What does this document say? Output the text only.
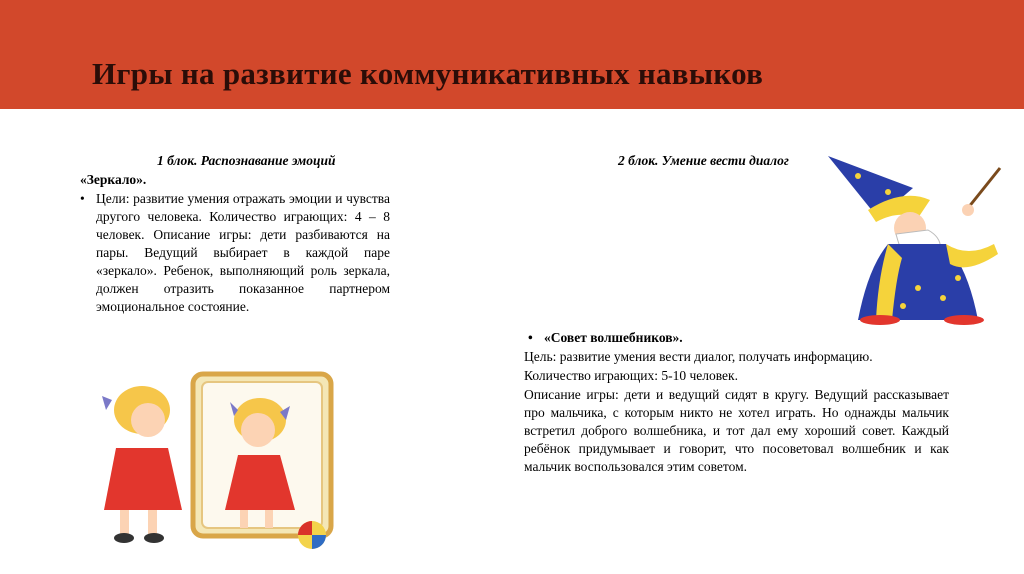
Игры на развитие коммуникативных навыков
1 блок. Распознавание эмоций
«Зеркало».
• Цели: развитие умения отражать эмоции и чувства другого человека. Количество играющих: 4 – 8 человек. Описание игры: дети разбиваются на пары. Ведущий выбирает в каждой паре «зеркало». Ребенок, выполняющий роль зеркала, должен отразить показанное партнером эмоциональное состояние.
2 блок. Умение вести диалог
• «Совет волшебников».
Цель: развитие умения вести диалог, получать информацию.
Количество играющих: 5-10 человек.
Описание игры: дети и ведущий сидят в кругу. Ведущий рассказывает про мальчика, с которым никто не хотел играть. Но однажды мальчик встретил доброго волшебника, и тот дал ему хороший совет. Каждый ребёнок придумывает и говорит, что посоветовал волшебник и как мальчик воспользовался этим советом.
